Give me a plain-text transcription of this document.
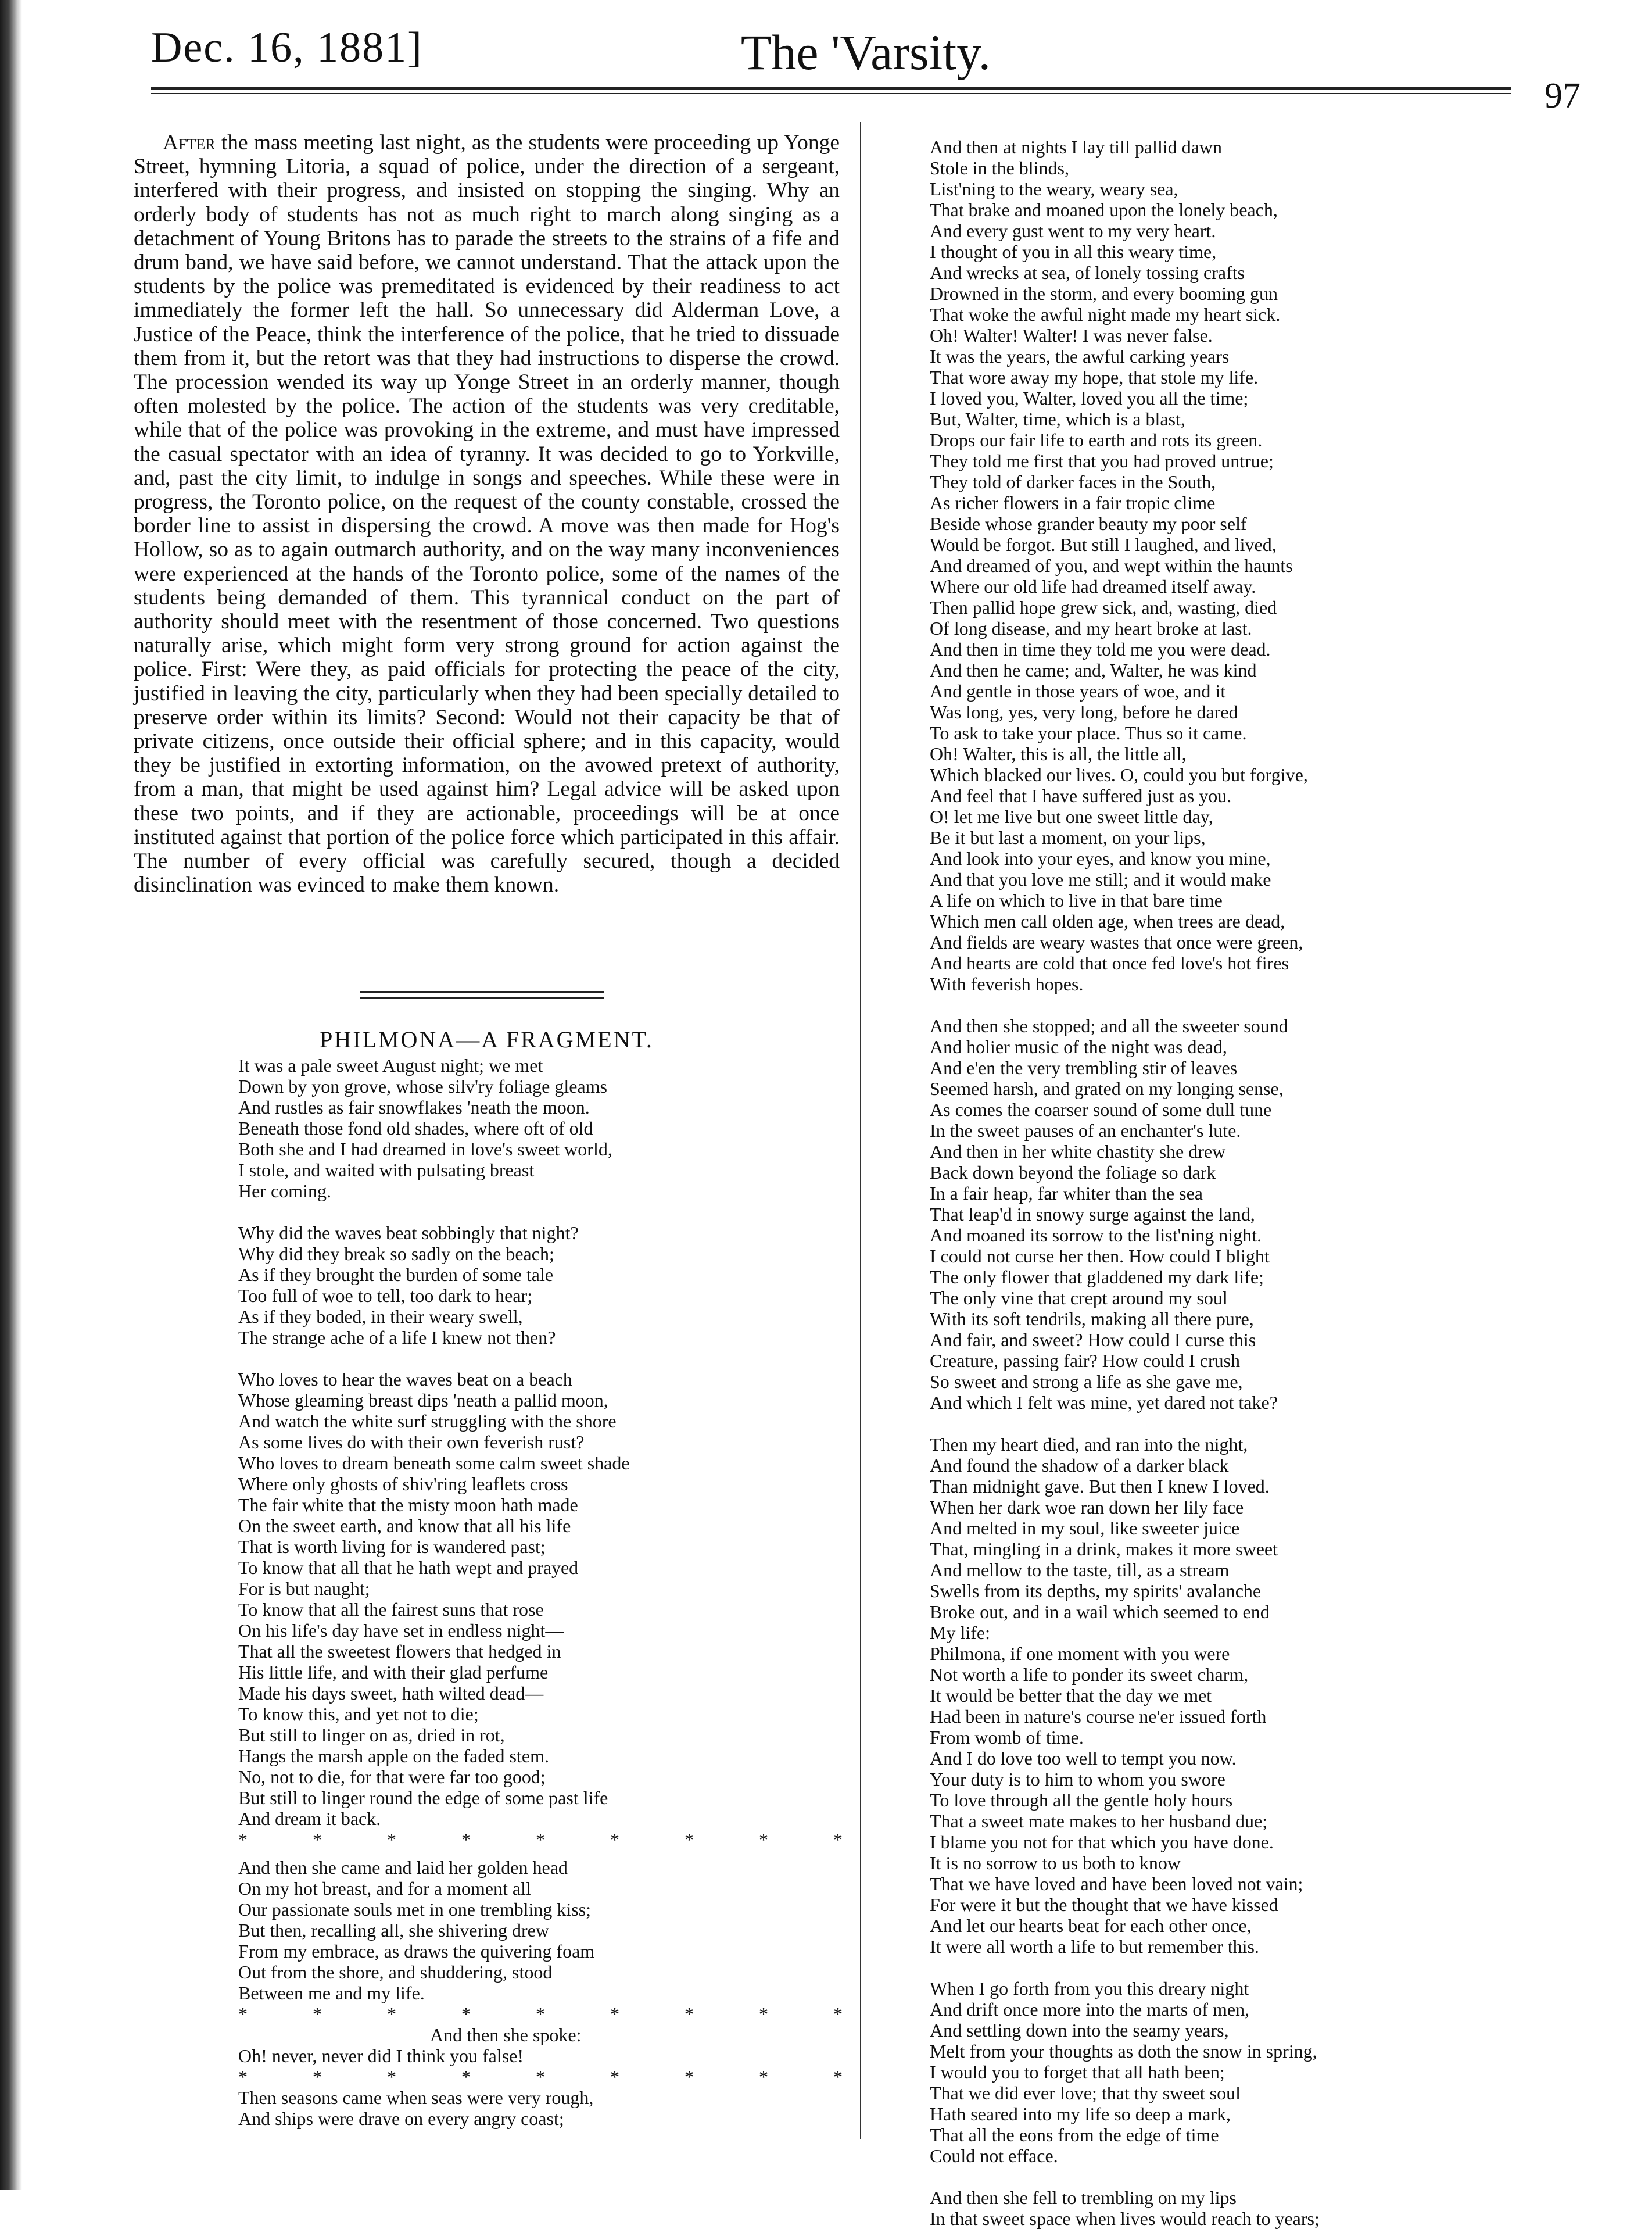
The 'Varsity.
Dec. 16, 1881]
97

After the mass meeting last night, as the students were proceeding up Yonge Street, hymning Litoria, a squad of police, under the direction of a sergeant, interfered with their progress, and insisted on stopping the singing. Why an orderly body of students has not as much right to march along singing as a detachment of Young Britons has to parade the streets to the strains of a fife and drum band, we have said before, we cannot understand. That the attack upon the students by the police was premeditated is evidenced by their readiness to act immediately the former left the hall. So unnecessary did Alderman Love, a Justice of the Peace, think the interference of the police, that he tried to dissuade them from it, but the retort was that they had instructions to disperse the crowd. The procession wended its way up Yonge Street in an orderly manner, though often molested by the police. The action of the students was very creditable, while that of the police was provoking in the extreme, and must have impressed the casual spectator with an idea of tyranny. It was decided to go to Yorkville, and, past the city limit, to indulge in songs and speeches. While these were in progress, the Toronto police, on the request of the county constable, crossed the border line to assist in dispersing the crowd. A move was then made for Hog's Hollow, so as to again outmarch authority, and on the way many inconveniences were experienced at the hands of the Toronto police, some of the names of the students being demanded of them. This tyrannical conduct on the part of authority should meet with the resentment of those concerned. Two questions naturally arise, which might form very strong ground for action against the police. First: Were they, as paid officials for protecting the peace of the city, justified in leaving the city, particularly when they had been specially detailed to preserve order within its limits? Second: Would not their capacity be that of private citizens, once outside their official sphere; and in this capacity, would they be justified in extorting information, on the avowed pretext of authority, from a man, that might be used against him? Legal advice will be asked upon these two points, and if they are actionable, proceedings will be at once instituted against that portion of the police force which participated in this affair. The number of every official was carefully secured, though a decided disinclination was evinced to make them known.

PHILMONA—A FRAGMENT.
It was a pale sweet August night; we met
Down by yon grove, whose silv'ry foliage gleams
And rustles as fair snowflakes 'neath the moon.
Beneath those fond old shades, where oft of old
Both she and I had dreamed in love's sweet world,
I stole, and waited with pulsating breast
Her coming.
Why did the waves beat sobbingly that night?
Why did they break so sadly on the beach;
As if they brought the burden of some tale
Too full of woe to tell, too dark to hear;
As if they boded, in their weary swell,
The strange ache of a life I knew not then?
Who loves to hear the waves beat on a beach
Whose gleaming breast dips 'neath a pallid moon,
And watch the white surf struggling with the shore
As some lives do with their own feverish rust?
Who loves to dream beneath some calm sweet shade
Where only ghosts of shiv'ring leaflets cross
The fair white that the misty moon hath made
On the sweet earth, and know that all his life
That is worth living for is wandered past;
To know that all that he hath wept and prayed
For is but naught;
To know that all the fairest suns that rose
On his life's day have set in endless night—
That all the sweetest flowers that hedged in
His little life, and with their glad perfume
Made his days sweet, hath wilted dead—
To know this, and yet not to die;
But still to linger on as, dried in rot,
Hangs the marsh apple on the faded stem.
No, not to die, for that were far too good;
But still to linger round the edge of some past life
And dream it back.
* * * * * * * * *
And then she came and laid her golden head
On my hot breast, and for a moment all
Our passionate souls met in one trembling kiss;
But then, recalling all, she shivering drew
From my embrace, as draws the quivering foam
Out from the shore, and shuddering, stood
Between me and my life.
* * * * * * * * *
And then she spoke:
Oh! never, never did I think you false!
* * * * * * * * *
Then seasons came when seas were very rough,
And ships were drave on every angry coast;
And then at nights I lay till pallid dawn
Stole in the blinds,
List'ning to the weary, weary sea,
That brake and moaned upon the lonely beach,
And every gust went to my very heart.
I thought of you in all this weary time,
And wrecks at sea, of lonely tossing crafts
Drowned in the storm, and every booming gun
That woke the awful night made my heart sick.
Oh! Walter! Walter! I was never false.
It was the years, the awful carking years
That wore away my hope, that stole my life.
I loved you, Walter, loved you all the time;
But, Walter, time, which is a blast,
Drops our fair life to earth and rots its green.
They told me first that you had proved untrue;
They told of darker faces in the South,
As richer flowers in a fair tropic clime
Beside whose grander beauty my poor self
Would be forgot. But still I laughed, and lived,
And dreamed of you, and wept within the haunts
Where our old life had dreamed itself away.
Then pallid hope grew sick, and, wasting, died
Of long disease, and my heart broke at last.
And then in time they told me you were dead.
And then he came; and, Walter, he was kind
And gentle in those years of woe, and it
Was long, yes, very long, before he dared
To ask to take your place. Thus so it came.
Oh! Walter, this is all, the little all,
Which blacked our lives. O, could you but forgive,
And feel that I have suffered just as you.
O! let me live but one sweet little day,
Be it but last a moment, on your lips,
And look into your eyes, and know you mine,
And that you love me still; and it would make
A life on which to live in that bare time
Which men call olden age, when trees are dead,
And fields are weary wastes that once were green,
And hearts are cold that once fed love's hot fires
With feverish hopes.
And then she stopped; and all the sweeter sound
And holier music of the night was dead,
And e'en the very trembling stir of leaves
Seemed harsh, and grated on my longing sense,
As comes the coarser sound of some dull tune
In the sweet pauses of an enchanter's lute.
And then in her white chastity she drew
Back down beyond the foliage so dark
In a fair heap, far whiter than the sea
That leap'd in snowy surge against the land,
And moaned its sorrow to the list'ning night.
I could not curse her then. How could I blight
The only flower that gladdened my dark life;
The only vine that crept around my soul
With its soft tendrils, making all there pure,
And fair, and sweet? How could I curse this
Creature, passing fair? How could I crush
So sweet and strong a life as she gave me,
And which I felt was mine, yet dared not take?
Then my heart died, and ran into the night,
And found the shadow of a darker black
Than midnight gave. But then I knew I loved.
When her dark woe ran down her lily face
And melted in my soul, like sweeter juice
That, mingling in a drink, makes it more sweet
And mellow to the taste, till, as a stream
Swells from its depths, my spirits' avalanche
Broke out, and in a wail which seemed to end
My life:
Philmona, if one moment with you were
Not worth a life to ponder its sweet charm,
It would be better that the day we met
Had been in nature's course ne'er issued forth
From womb of time.
And I do love too well to tempt you now.
Your duty is to him to whom you swore
To love through all the gentle holy hours
That a sweet mate makes to her husband due;
I blame you not for that which you have done.
It is no sorrow to us both to know
That we have loved and have been loved not vain;
For were it but the thought that we have kissed
And let our hearts beat for each other once,
It were all worth a life to but remember this.
When I go forth from you this dreary night
And drift once more into the marts of men,
And settling down into the seamy years,
Melt from your thoughts as doth the snow in spring,
I would you to forget that all hath been;
That we did ever love; that thy sweet soul
Hath seared into my life so deep a mark,
That all the eons from the edge of time
Could not efface.
And then she fell to trembling on my lips
In that sweet space when lives would reach to years;
